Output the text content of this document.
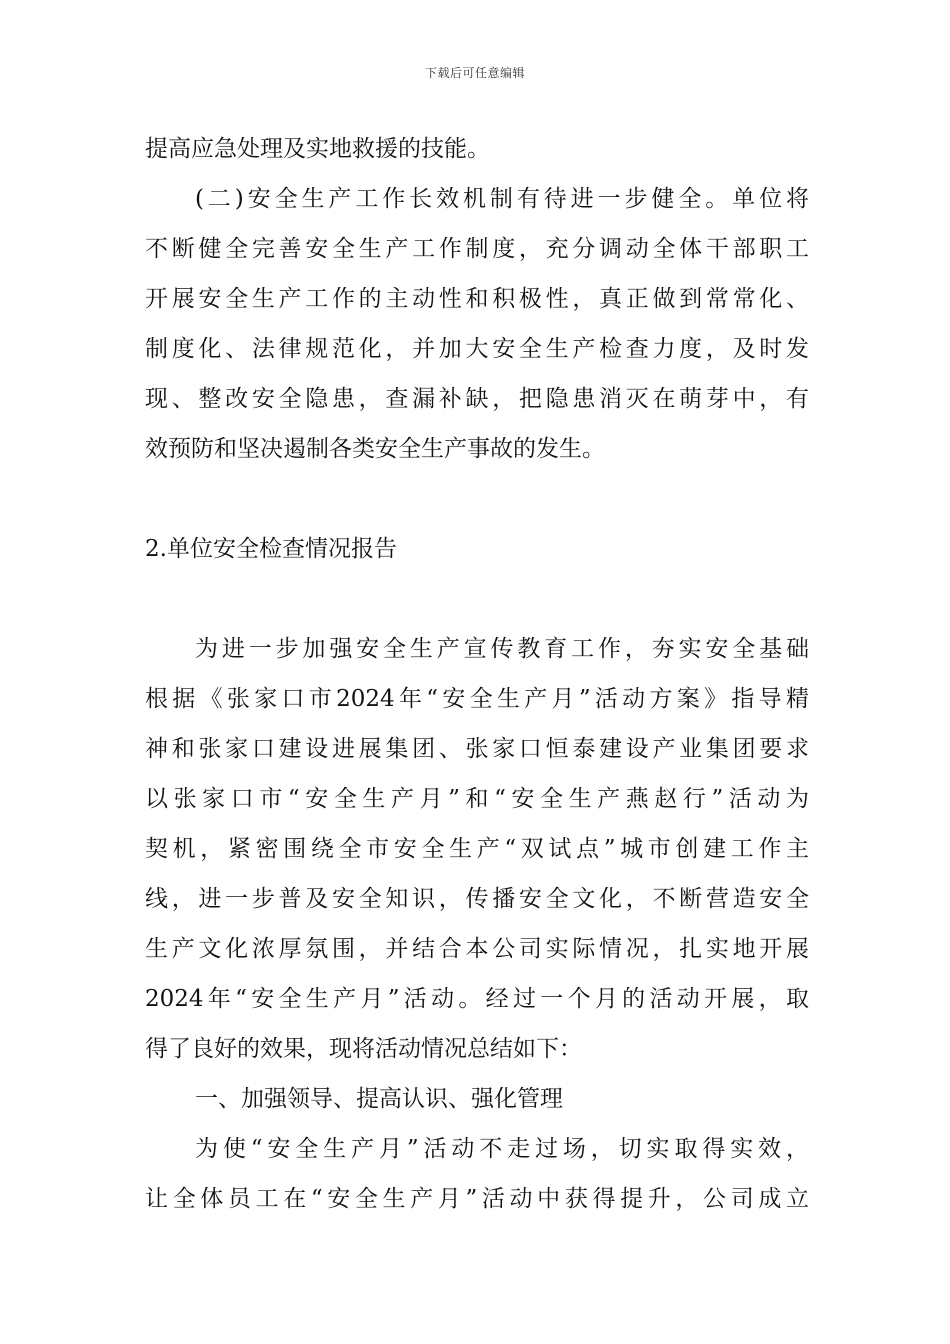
下载后可任意编辑

提高应急处理及实地救援的技能。

(二)安全生产工作长效机制有待进一步健全。单位将

不断健全完善安全生产工作制度，充分调动全体干部职工

开展安全生产工作的主动性和积极性，真正做到常常化、

制度化、法律规范化，并加大安全生产检查力度，及时发

现、整改安全隐患，查漏补缺，把隐患消灭在萌芽中，有

效预防和坚决遏制各类安全生产事故的发生。

2.单位安全检查情况报告

为进一步加强安全生产宣传教育工作，夯实安全基础

根据《张家口市2024年“安全生产月”活动方案》指导精

神和张家口建设进展集团、张家口恒泰建设产业集团要求

以张家口市“安全生产月”和“安全生产燕赵行”活动为

契机，紧密围绕全市安全生产“双试点”城市创建工作主

线，进一步普及安全知识，传播安全文化，不断营造安全

生产文化浓厚氛围，并结合本公司实际情况，扎实地开展

2024年“安全生产月”活动。经过一个月的活动开展，取

得了良好的效果，现将活动情况总结如下：

一、加强领导、提高认识、强化管理

为使“安全生产月”活动不走过场，切实取得实效，

让全体员工在“安全生产月”活动中获得提升，公司成立
